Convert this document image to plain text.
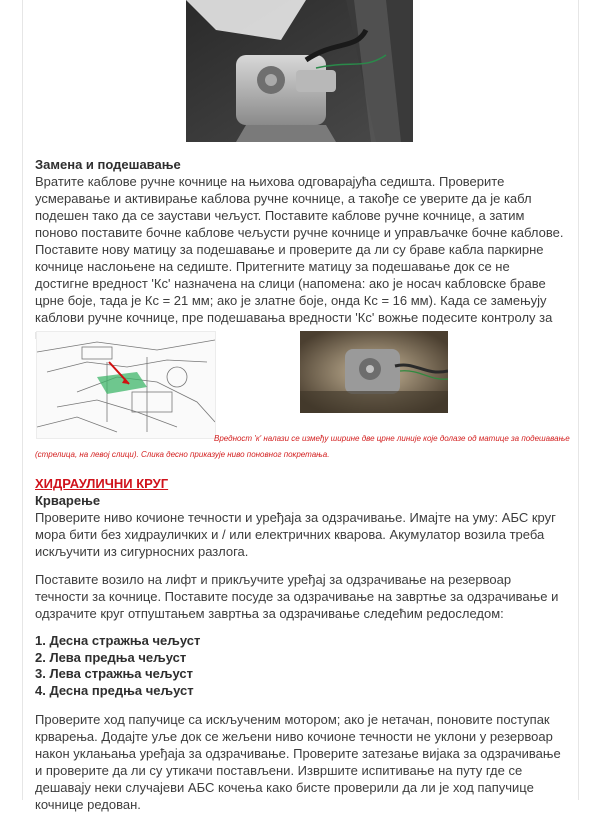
Замена и подешавање

Вратите каблове ручне кочнице на њихова одговарајућа седишта. Проверите усмеравање и активирање каблова ручне кочнице, а такође се уверите да је кабл подешен тако да се заустави чељуст. Поставите каблове ручне кочнице, а затим поново поставите бочне каблове чељусти ручне кочнице и управљачке бочне каблове. Поставите нову матицу за подешавање и проверите да ли су браве кабла паркирне кочнице наслоњене на седиште. Притегните матицу за подешавање док се не достигне вредност 'Кс' назначена на слици (напомена: ако је носач кабловске браве црне боје, тада је Кс = 21 мм; ако је златне боје, онда Кс = 16 мм). Када се замењују каблови ручне кочнице, пре подешавања вредности 'Кс' вожње подесите контролу за

Вредност 'к' налази се између ширине две црне линије које долазе од матице за подешавање
(стрелица, на левој слици). Слика десно приказује ниво поновног покретања.
ХИДРАУЛИЧНИ КРУГ
Крварење

Проверите ниво кочионе течности и уређаја за одзрачивање. Имајте на уму: АБС круг мора бити без хидрауличких и / или електричних кварова. Акумулатор возила треба искључити из сигурносних разлога.

Поставите возило на лифт и прикључите уређај за одзрачивање на резервоар течности за кочнице. Поставите посуде за одзрачивање на завртње за одзрачивање и одзрачите круг отпуштањем завртња за одзрачивање следећим редоследом:

1. Десна стражња чељуст
2. Лева предња чељуст
3. Лева стражња чељуст
4. Десна предња чељуст

Проверите ход папучице са искљученим мотором; ако је нетачан, поновите поступак крварења. Додајте уље док се жељени ниво кочионе течности не уклони у резервоар након уклањања уређаја за одзрачивање. Проверите затезање вијака за одзрачивање и проверите да ли су утикачи постављени. Извршите испитивање на путу где се дешавају неки случајеви АБС кочења како бисте проверили да ли је ход папучице кочнице редован.
